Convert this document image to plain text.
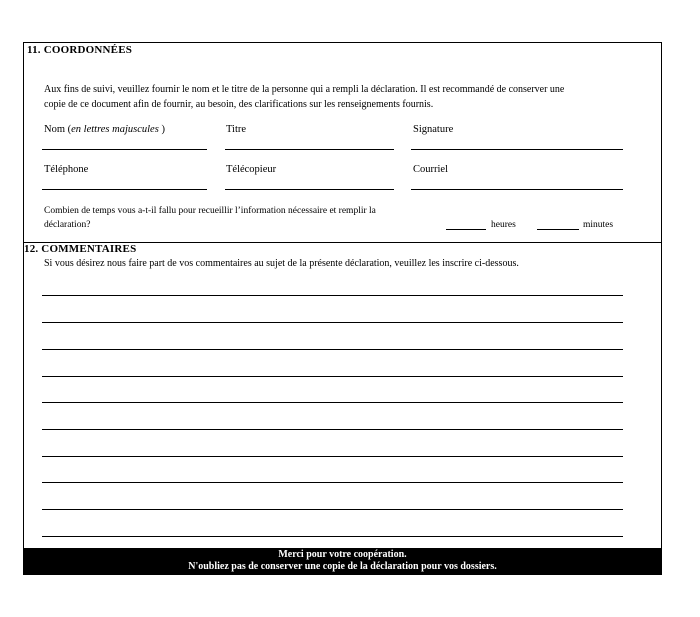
11. COORDONNÉES
Aux fins de suivi, veuillez fournir le nom et le titre de la personne qui a rempli la déclaration. Il est recommandé de conserver une
copie de ce document afin de fournir, au besoin, des clarifications sur les renseignements fournis.
Nom (en lettres majuscules )	Titre	Signature
Téléphone	Télécopieur	Courriel
Combien de temps vous a-t-il fallu pour recueillir l’information nécessaire et remplir la
déclaration?	heures	minutes
12. COMMENTAIRES
Si vous désirez nous faire part de vos commentaires au sujet de la présente déclaration, veuillez les inscrire ci-dessous.
Merci pour votre coopération.
N'oubliez pas de conserver une copie de la déclaration pour vos dossiers.
